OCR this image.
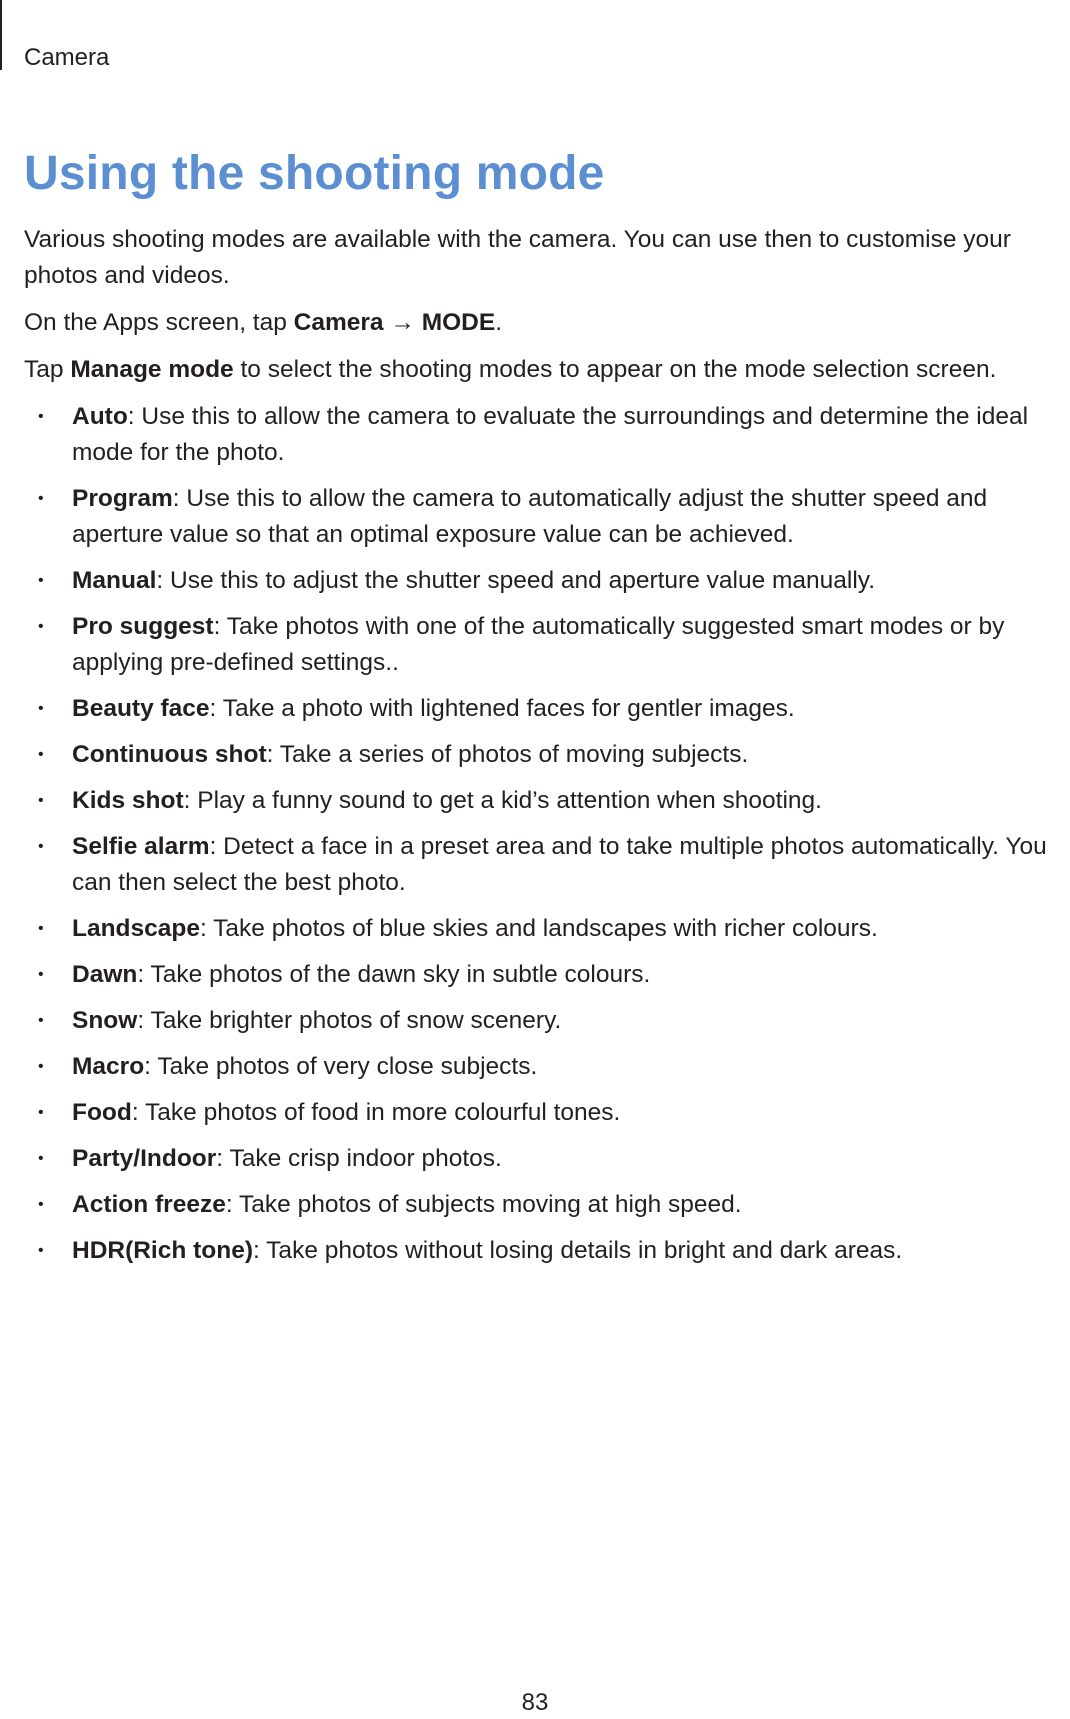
Camera
Using the shooting mode

Various shooting modes are available with the camera. You can use then to customise your photos and videos.

On the Apps screen, tap Camera → MODE.

Tap Manage mode to select the shooting modes to appear on the mode selection screen.

• Auto: Use this to allow the camera to evaluate the surroundings and determine the ideal mode for the photo.
• Program: Use this to allow the camera to automatically adjust the shutter speed and aperture value so that an optimal exposure value can be achieved.
• Manual: Use this to adjust the shutter speed and aperture value manually.
• Pro suggest: Take photos with one of the automatically suggested smart modes or by applying pre-defined settings..
• Beauty face: Take a photo with lightened faces for gentler images.
• Continuous shot: Take a series of photos of moving subjects.
• Kids shot: Play a funny sound to get a kid’s attention when shooting.
• Selfie alarm: Detect a face in a preset area and to take multiple photos automatically. You can then select the best photo.
• Landscape: Take photos of blue skies and landscapes with richer colours.
• Dawn: Take photos of the dawn sky in subtle colours.
• Snow: Take brighter photos of snow scenery.
• Macro: Take photos of very close subjects.
• Food: Take photos of food in more colourful tones.
• Party/Indoor: Take crisp indoor photos.
• Action freeze: Take photos of subjects moving at high speed.
• HDR(Rich tone): Take photos without losing details in bright and dark areas.
83
